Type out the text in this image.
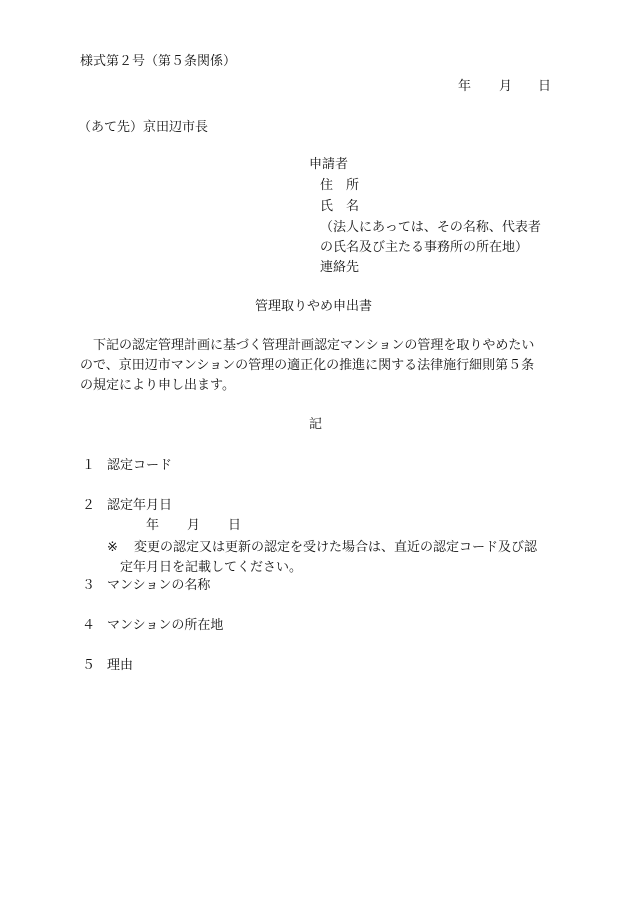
様式第２号（第５条関係）
年 月 日
（あて先）京田辺市長
申請者
住　所
氏　名
（法人にあっては、その名称、代表者
の氏名及び主たる事務所の所在地）
連絡先
管理取りやめ申出書
下記の認定管理計画に基づく管理計画認定マンションの管理を取りやめたい
ので、京田辺市マンションの管理の適正化の推進に関する法律施行細則第５条
の規定により申し出ます。
記
１ 認定コード
２ 認定年月日
年 月 日
※ 変更の認定又は更新の認定を受けた場合は、直近の認定コード及び認
定年月日を記載してください。
３ マンションの名称
４ マンションの所在地
５ 理由
